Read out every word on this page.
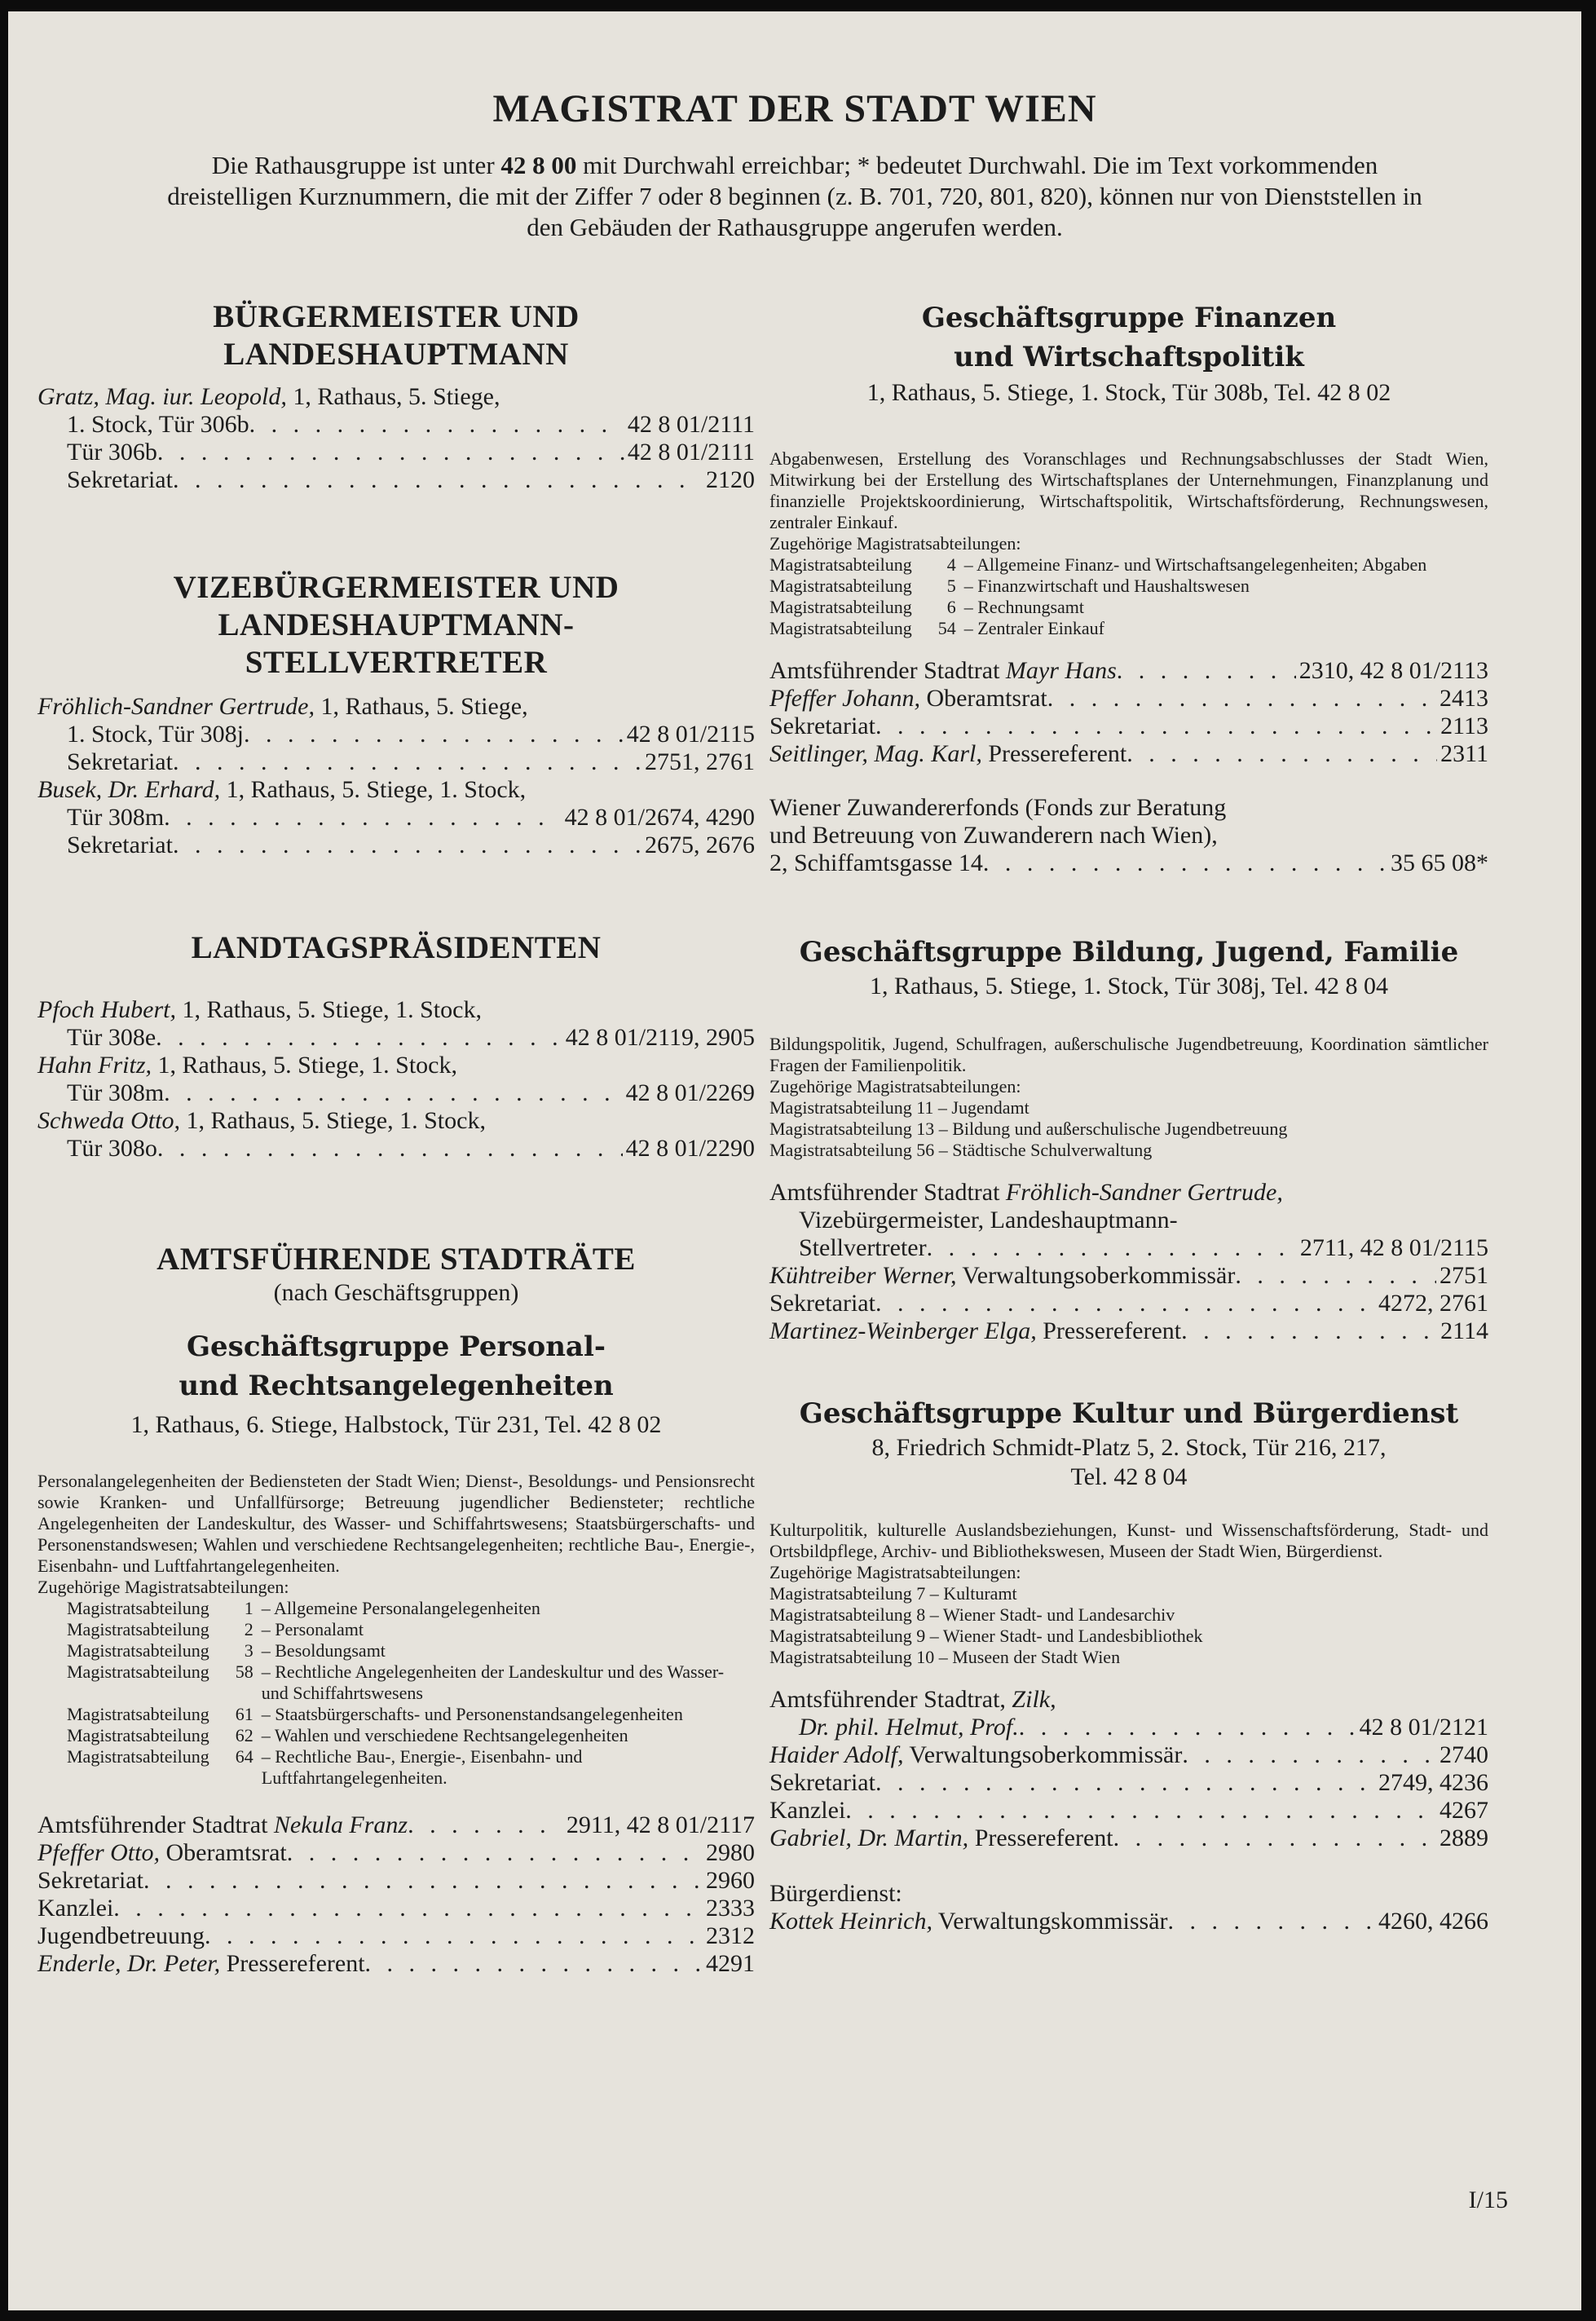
MAGISTRAT DER STADT WIEN
Die Rathausgruppe ist unter 42 8 00 mit Durchwahl erreichbar; * bedeutet Durchwahl. Die im Text vorkommenden dreistelligen Kurznummern, die mit der Ziffer 7 oder 8 beginnen (z. B. 701, 720, 801, 820), können nur von Dienststellen in den Gebäuden der Rathausgruppe angerufen werden.
BÜRGERMEISTER UND
LANDESHAUPTMANN
Gratz, Mag. iur. Leopold, 1, Rathaus, 5. Stiege,
1. Stock, Tür 306b . . .	42 8 01/2111
Tür 306b . . .	42 8 01/2111
Sekretariat . . .	2120
VIZEBÜRGERMEISTER UND
LANDESHAUPTMANN-
STELLVERTRETER
Fröhlich-Sandner Gertrude, 1, Rathaus, 5. Stiege,
1. Stock, Tür 308j . . .	42 8 01/2115
Sekretariat . . .	2751, 2761
Busek, Dr. Erhard, 1, Rathaus, 5. Stiege, 1. Stock,
Tür 308m . . .	42 8 01/2674, 4290
Sekretariat . . .	2675, 2676
LANDTAGSPRÄSIDENTEN
Pfoch Hubert, 1, Rathaus, 5. Stiege, 1. Stock,
Tür 308e . . .	42 8 01/2119, 2905
Hahn Fritz, 1, Rathaus, 5. Stiege, 1. Stock,
Tür 308m . . .	42 8 01/2269
Schweda Otto, 1, Rathaus, 5. Stiege, 1. Stock,
Tür 308o . . .	42 8 01/2290
AMTSFÜHRENDE STADTRÄTE
(nach Geschäftsgruppen)
Geschäftsgruppe Personal-
und Rechtsangelegenheiten
1, Rathaus, 6. Stiege, Halbstock, Tür 231, Tel. 42 8 02
Personalangelegenheiten der Bediensteten der Stadt Wien; Dienst-, Besoldungs- und Pensionsrecht sowie Kranken- und Unfallfürsorge; Betreuung jugendlicher Bediensteter; rechtliche Angelegenheiten der Landeskultur, des Wasser- und Schiffahrtswesens; Staatsbürgerschafts- und Personenstandswesen; Wahlen und verschiedene Rechtsangelegenheiten; rechtliche Bau-, Energie-, Eisenbahn- und Luftfahrtangelegenheiten.
Zugehörige Magistratsabteilungen:
Magistratsabteilung	1 – Allgemeine Personalangelegenheiten
Magistratsabteilung	2 – Personalamt
Magistratsabteilung	3 – Besoldungsamt
Magistratsabteilung	58 – Rechtliche Angelegenheiten der Landeskultur und des Wasser- und Schiffahrtswesens
Magistratsabteilung	61 – Staatsbürgerschafts- und Personenstandsangelegenheiten
Magistratsabteilung	62 – Wahlen und verschiedene Rechtsangelegenheiten
Magistratsabteilung	64 – Rechtliche Bau-, Energie-, Eisenbahn- und Luftfahrtangelegenheiten.
Amtsführender Stadtrat Nekula Franz . . .	2911, 42 8 01/2117
Pfeffer Otto, Oberamtsrat . . .	2980
Sekretariat . . .	2960
Kanzlei . . .	2333
Jugendbetreuung . . .	2312
Enderle, Dr. Peter, Pressereferent . . .	4291
Geschäftsgruppe Finanzen
und Wirtschaftspolitik
1, Rathaus, 5. Stiege, 1. Stock, Tür 308b, Tel. 42 8 02
Abgabenwesen, Erstellung des Voranschlages und Rechnungsabschlusses der Stadt Wien, Mitwirkung bei der Erstellung des Wirtschaftsplanes der Unternehmungen, Finanzplanung und finanzielle Projektskoordinierung, Wirtschaftspolitik, Wirtschaftsförderung, Rechnungswesen, zentraler Einkauf.
Zugehörige Magistratsabteilungen:
Magistratsabteilung	4 – Allgemeine Finanz- und Wirtschaftsangelegenheiten; Abgaben
Magistratsabteilung	5 – Finanzwirtschaft und Haushaltswesen
Magistratsabteilung	6 – Rechnungsamt
Magistratsabteilung	54 – Zentraler Einkauf
Amtsführender Stadtrat Mayr Hans . . .	2310, 42 8 01/2113
Pfeffer Johann, Oberamtsrat . . .	2413
Sekretariat . . .	2113
Seitlinger, Mag. Karl, Pressereferent . . .	2311
Wiener Zuwandererfonds (Fonds zur Beratung
und Betreuung von Zuwanderern nach Wien),
2, Schiffamtsgasse 14 . . .	35 65 08*
Geschäftsgruppe Bildung, Jugend, Familie
1, Rathaus, 5. Stiege, 1. Stock, Tür 308j, Tel. 42 8 04
Bildungspolitik, Jugend, Schulfragen, außerschulische Jugendbetreuung, Koordination sämtlicher Fragen der Familienpolitik.
Zugehörige Magistratsabteilungen:
Magistratsabteilung 11 – Jugendamt
Magistratsabteilung 13 – Bildung und außerschulische Jugendbetreuung
Magistratsabteilung 56 – Städtische Schulverwaltung
Amtsführender Stadtrat Fröhlich-Sandner Gertrude,
Vizebürgermeister, Landeshauptmann-
Stellvertreter . . .	2711, 42 8 01/2115
Kühtreiber Werner, Verwaltungsoberkommissär . . .	2751
Sekretariat . . .	4272, 2761
Martinez-Weinberger Elga, Pressereferent . . .	2114
Geschäftsgruppe Kultur und Bürgerdienst
8, Friedrich Schmidt-Platz 5, 2. Stock, Tür 216, 217,
Tel. 42 8 04
Kulturpolitik, kulturelle Auslandsbeziehungen, Kunst- und Wissenschaftsförderung, Stadt- und Ortsbildpflege, Archiv- und Bibliothekswesen, Museen der Stadt Wien, Bürgerdienst.
Zugehörige Magistratsabteilungen:
Magistratsabteilung 7 – Kulturamt
Magistratsabteilung 8 – Wiener Stadt- und Landesarchiv
Magistratsabteilung 9 – Wiener Stadt- und Landesbibliothek
Magistratsabteilung 10 – Museen der Stadt Wien
Amtsführender Stadtrat, Zilk,
Dr. phil. Helmut, Prof. . . .	42 8 01/2121
Haider Adolf, Verwaltungsoberkommissär . . .	2740
Sekretariat . . .	2749, 4236
Kanzlei . . .	4267
Gabriel, Dr. Martin, Pressereferent . . .	2889
Bürgerdienst:
Kottek Heinrich, Verwaltungskommissär . . .	4260, 4266
I/15
